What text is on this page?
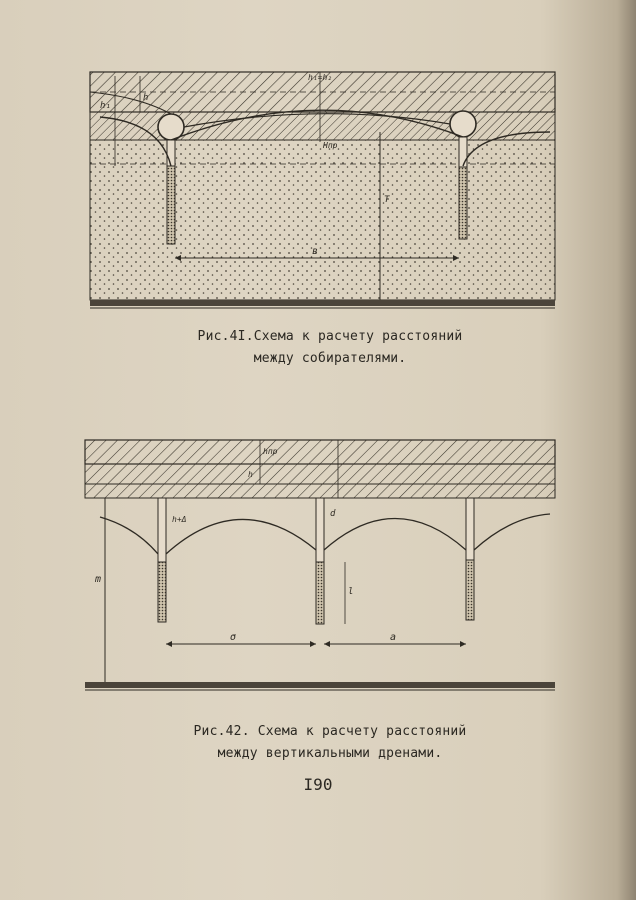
h₁
h
h₁=h₂
Hпр
T
в
Рис.4I.Схема к расчету расстояний
между собирателями.
hпр
h
h+Δ
d
m
l
σ	a
Рис.42. Схема к расчету расстояний
между вертикальными дренами.
I90
